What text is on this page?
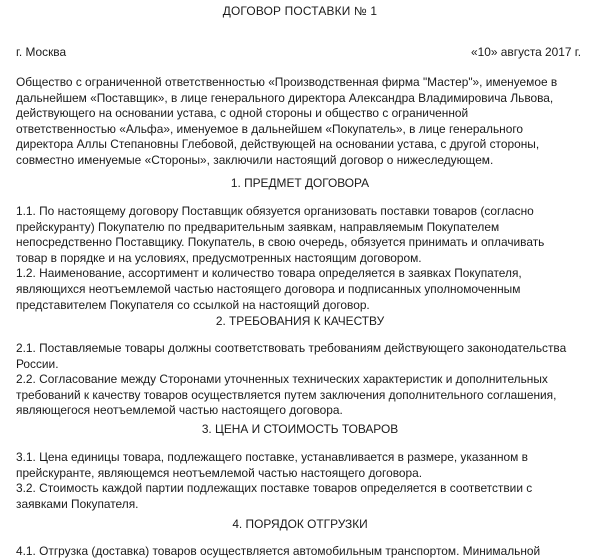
ДОГОВОР ПОСТАВКИ № 1
г. Москва	«10» августа 2017 г.
Общество с ограниченной ответственностью «Производственная фирма "Мастер"», именуемое в
дальнейшем «Поставщик», в лице генерального директора Александра Владимировича Львова,
действующего на основании устава, с одной стороны и общество с ограниченной
ответственностью «Альфа», именуемое в дальнейшем «Покупатель», в лице генерального
директора Аллы Степановны Глебовой, действующей на основании устава, с другой стороны,
совместно именуемые «Стороны», заключили настоящий договор о нижеследующем.
1. ПРЕДМЕТ ДОГОВОРА
1.1. По настоящему договору Поставщик обязуется организовать поставки товаров (согласно
прейскуранту) Покупателю по предварительным заявкам, направляемым Покупателем
непосредственно Поставщику. Покупатель, в свою очередь, обязуется принимать и оплачивать
товар в порядке и на условиях, предусмотренных настоящим договором.
1.2. Наименование, ассортимент и количество товара определяется в заявках Покупателя,
являющихся неотъемлемой частью настоящего договора и подписанных уполномоченным
представителем Покупателя со ссылкой на настоящий договор.
2. ТРЕБОВАНИЯ К КАЧЕСТВУ
2.1. Поставляемые товары должны соответствовать требованиям действующего законодательства
России.
2.2. Согласование между Сторонами уточненных технических характеристик и дополнительных
требований к качеству товаров осуществляется путем заключения дополнительного соглашения,
являющегося неотъемлемой частью настоящего договора.
3. ЦЕНА И СТОИМОСТЬ ТОВАРОВ
3.1. Цена единицы товара, подлежащего поставке, устанавливается в размере, указанном в
прейскуранте, являющемся неотъемлемой частью настоящего договора.
3.2. Стоимость каждой партии подлежащих поставке товаров определяется в соответствии с
заявками Покупателя.
4. ПОРЯДОК ОТГРУЗКИ
4.1. Отгрузка (доставка) товаров осуществляется автомобильным транспортом. Минимальной
